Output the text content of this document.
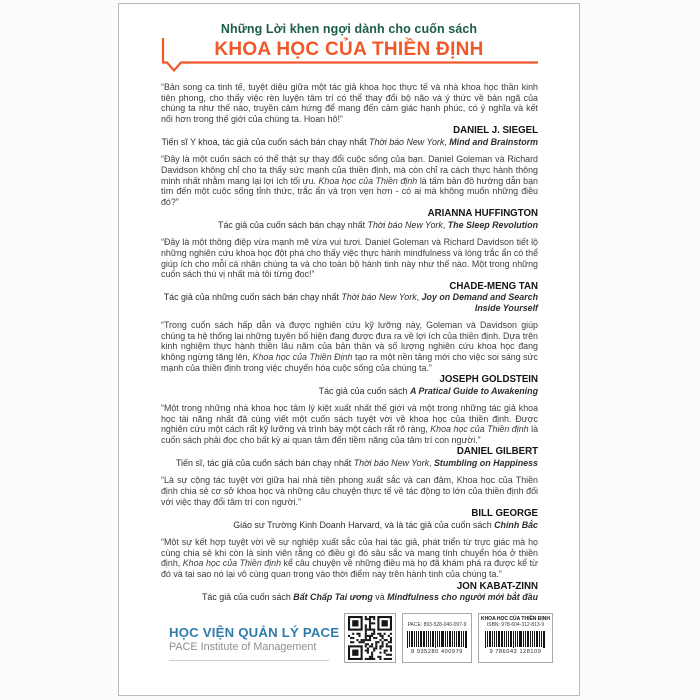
Những Lời khen ngợi dành cho cuốn sách
KHOA HỌC CỦA THIỀN ĐỊNH

“Bản song ca tinh tế, tuyệt diệu giữa một tác giả khoa học thực tế và nhà khoa học thần kinh tiên phong, cho thấy việc rèn luyện tâm trí có thể thay đổi bộ não và ý thức về bản ngã của chúng ta như thế nào, truyền cảm hứng để mang đến cảm giác hạnh phúc, có ý nghĩa và kết nối hơn trong thế giới của chúng ta. Hoan hô!”

DANIEL J. SIEGEL

Tiến sĩ Y khoa, tác giả của cuốn sách bán chạy nhất Thời báo New York, Mind and Brainstorm

“Đây là một cuốn sách có thể thật sự thay đổi cuộc sống của bạn. Daniel Goleman và Richard Davidson không chỉ cho ta thấy sức mạnh của thiền định, mà còn chỉ ra cách thực hành thông minh nhất nhằm mang lại lợi ích tối ưu. Khoa học của Thiền định là tấm bản đồ hướng dẫn bạn tìm đến một cuộc sống tỉnh thức, trắc ẩn và trọn vẹn hơn - có ai mà không muốn những điều đó?”

ARIANNA HUFFINGTON

Tác giả của cuốn sách bán chạy nhất Thời báo New York, The Sleep Revolution

“Đây là một thông điệp vừa mạnh mẽ vừa vui tươi. Daniel Goleman và Richard Davidson tiết lộ những nghiên cứu khoa học đột phá cho thấy việc thực hành mindfulness và lòng trắc ẩn có thể giúp ích cho mỗi cá nhân chúng ta và cho toàn bộ hành tinh này như thế nào. Một trong những cuốn sách thú vị nhất mà tôi từng đọc!”

CHADE-MENG TAN

Tác giả của những cuốn sách bán chạy nhất Thời báo New York, Joy on Demand and Search Inside Yourself

“Trong cuốn sách hấp dẫn và được nghiên cứu kỹ lưỡng này, Goleman và Davidson giúp chúng ta hệ thống lại những tuyên bố hiện đang được đưa ra về lợi ích của thiền định. Dựa trên kinh nghiệm thực hành thiền lâu năm của bản thân và số lượng nghiên cứu khoa học đang không ngừng tăng lên, Khoa học của Thiền Định tạo ra một nền tảng mới cho việc soi sáng sức mạnh của thiền định trong việc chuyển hóa cuộc sống của chúng ta.”

JOSEPH GOLDSTEIN

Tác giả của cuốn sách A Pratical Guide to Awakening

“Một trong những nhà khoa học tâm lý kiệt xuất nhất thế giới và một trong những tác giả khoa học tài năng nhất đã cùng viết một cuốn sách tuyệt vời về khoa học của thiền định. Được nghiên cứu một cách rất kỹ lưỡng và trình bày một cách rất rõ ràng, Khoa học của Thiền định là cuốn sách phải đọc cho bất kỳ ai quan tâm đến tiềm năng của tâm trí con người.”

DANIEL GILBERT

Tiến sĩ, tác giả của cuốn sách bán chạy nhất Thời báo New York, Stumbling on Happiness

“Là sự cộng tác tuyệt vời giữa hai nhà tiên phong xuất sắc và can đảm, Khoa học của Thiền định chia sẻ cơ sở khoa học và những câu chuyện thực tế về tác động to lớn của thiền định đối với việc thay đổi tâm trí con người.”

BILL GEORGE

Giáo sư Trường Kinh Doanh Harvard, và là tác giả của cuốn sách Chính Bắc

“Một sự kết hợp tuyệt vời về sự nghiệp xuất sắc của hai tác giả, phát triển từ trực giác mà họ cùng chia sẻ khi còn là sinh viên rằng có điều gì đó sâu sắc và mang tính chuyển hóa ở thiền định, Khoa học của Thiền định kể câu chuyện về những điều mà họ đã khám phá ra được kể từ đó và tại sao nó lại vô cùng quan trọng vào thời điểm này trên hành tinh của chúng ta.”

JON KABAT-ZINN

Tác giả của cuốn sách Bất Chấp Tai ương và Mindfulness cho người mới bắt đầu

HỌC VIỆN QUẢN LÝ PACE
PACE Institute of Management
PACE: 893-528-040-097-9
8 935280 400979
KHOA HỌC CỦA THIỀN ĐỊNH
ISBN: 978-604-312-813-9
9 786043 128109
